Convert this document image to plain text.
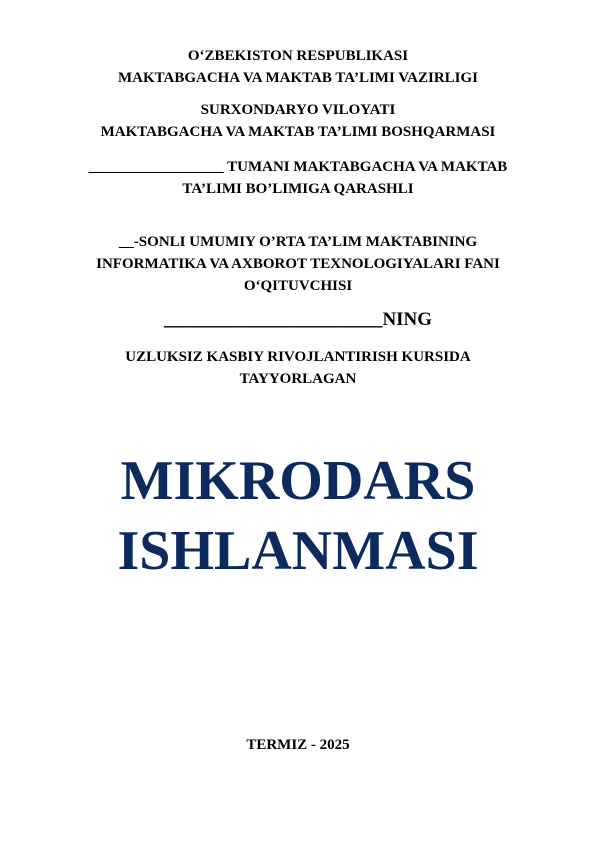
O‘ZBEKISTON RESPUBLIKASI
MAKTABGACHA VA MAKTAB TA’LIMI VAZIRLIGI
SURXONDARYO VILOYATI
MAKTABGACHA VA MAKTAB TA’LIMI BOSHQARMASI
__________________ TUMANI MAKTABGACHA VA MAKTAB
TA’LIMI BO’LIMIGA QARASHLI
__-SONLI UMUMIY O’RTA TA’LIM MAKTABINING
INFORMATIKA VA AXBOROT TEXNOLOGIYALARI FANI
O‘QITUVCHISI
_______________________NING
UZLUKSIZ KASBIY RIVOJLANTIRISH KURSIDA
TAYYORLAGAN
MIKRODARS
ISHLANMASI
TERMIZ - 2025
